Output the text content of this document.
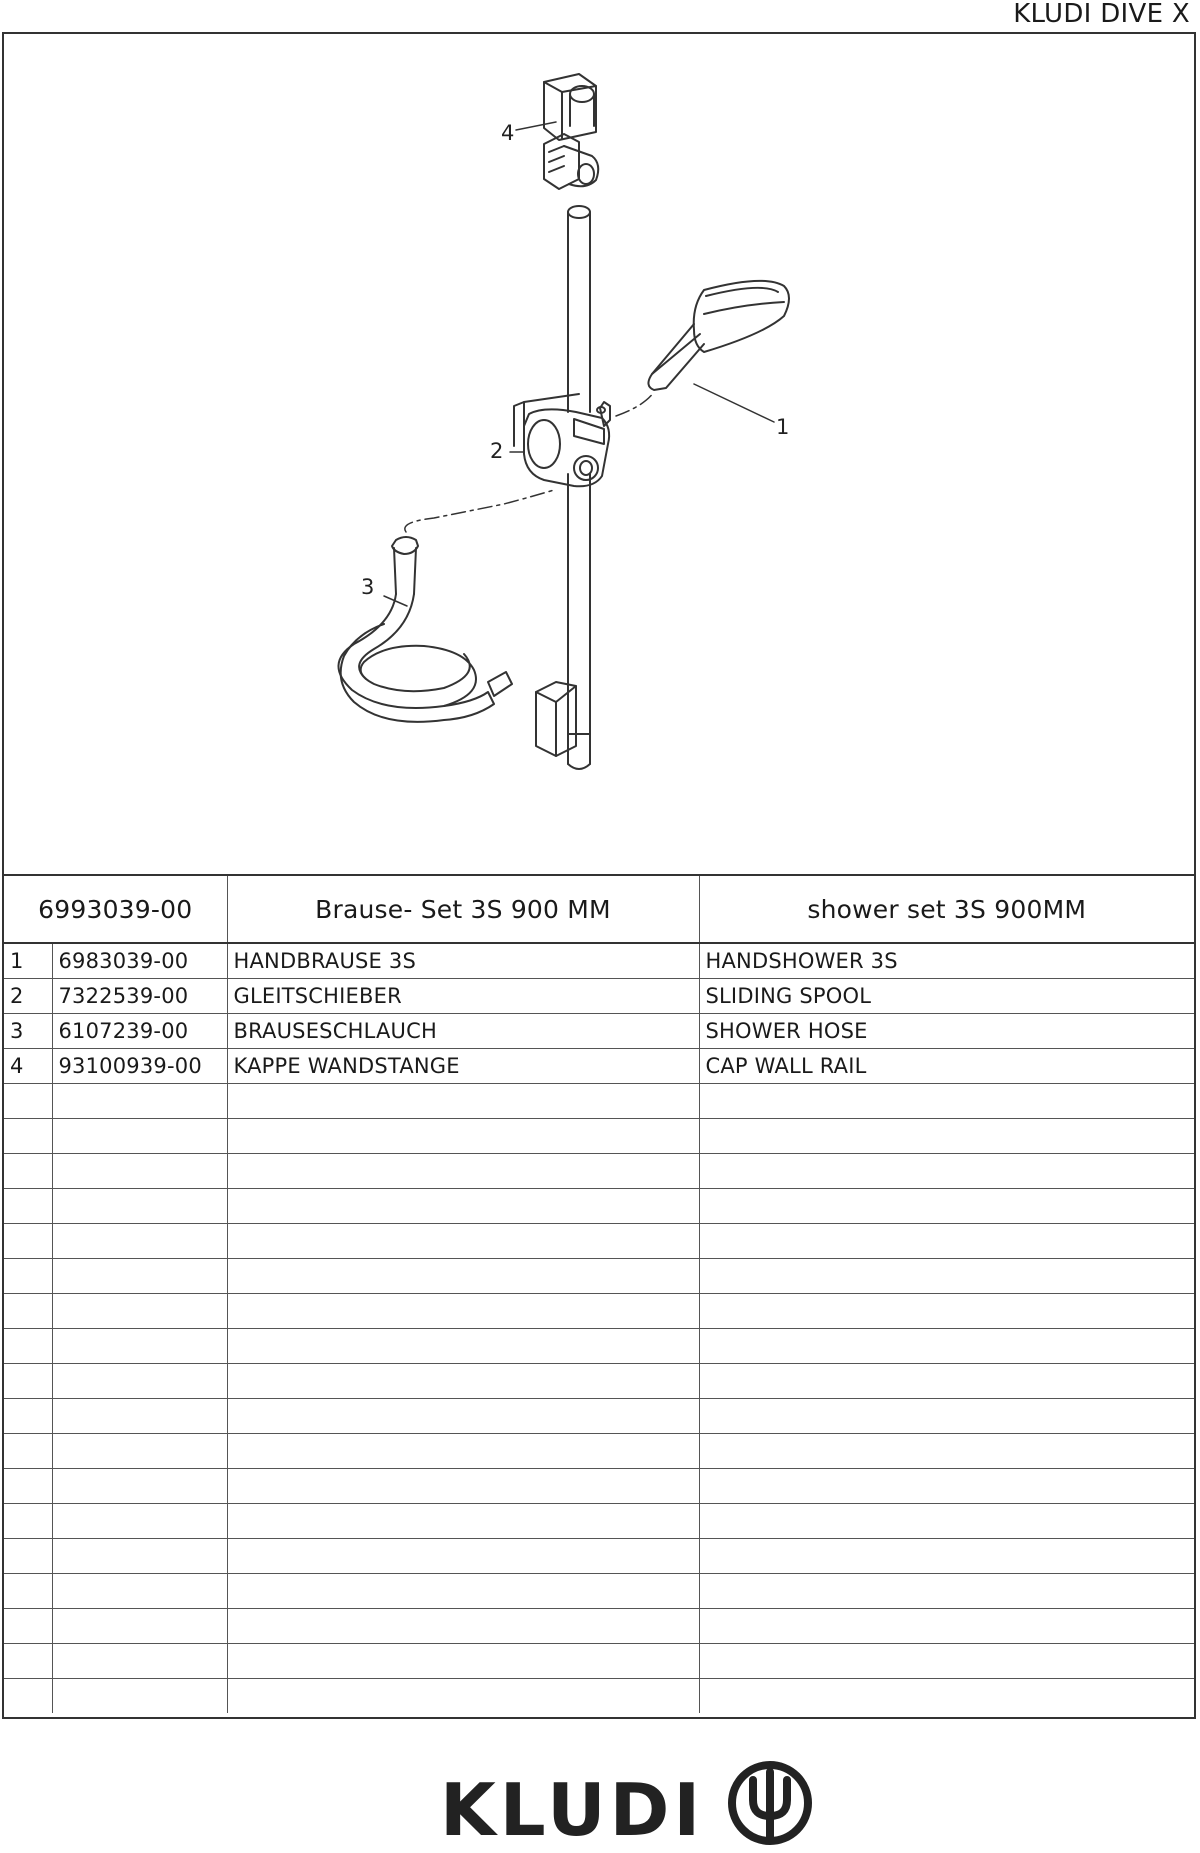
KLUDI DIVE X
4
2
3
1
6993039-00		Brause- Set 3S 900 MM	shower set 3S 900MM
1	6983039-00	HANDBRAUSE 3S	HANDSHOWER 3S
2	7322539-00	GLEITSCHIEBER	SLIDING SPOOL
3	6107239-00	BRAUSESCHLAUCH	SHOWER HOSE
4	93100939-00	KAPPE WANDSTANGE	CAP WALL RAIL

KLUDI
